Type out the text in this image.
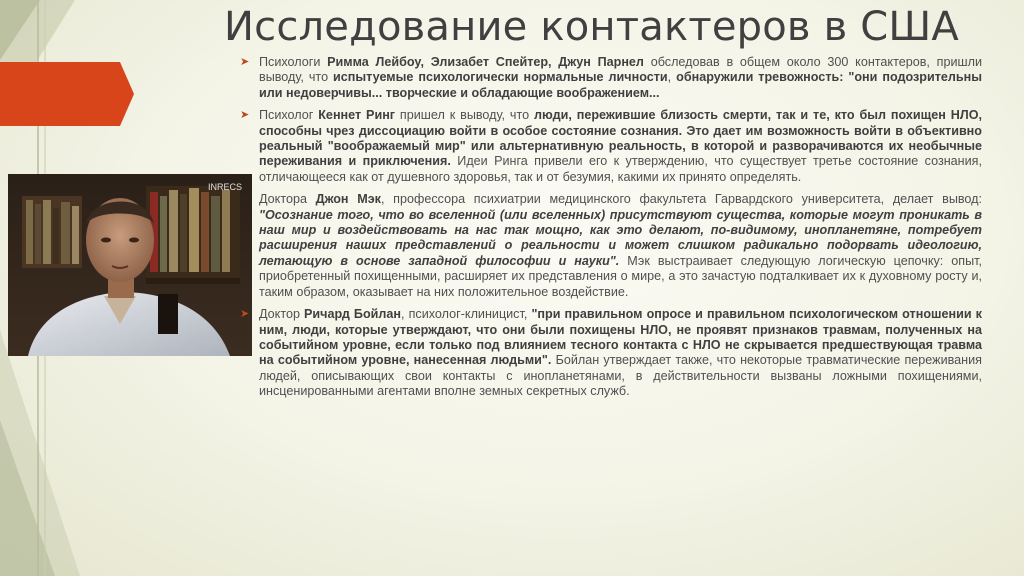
Исследование контактеров в США
INRECS
➤ Психологи Римма Лейбоу, Элизабет Спейтер, Джун Парнел обследовав в общем около 300 контактеров, пришли выводу, что испытуемые психологически нормальные личности, обнаружили тревожность: "они подозрительны или недоверчивы... творческие и обладающие воображением...
➤ Психолог Кеннет Ринг пришел к выводу, что люди, пережившие близость смерти, так и те, кто был похищен НЛО, способны чрез диссоциацию войти в особое состояние сознания. Это дает им возможность войти в объективно реальный "воображаемый мир" или альтернативную реальность, в которой и разворачиваются их необычные переживания и приключения. Идеи Ринга привели его к утверждению, что существует третье состояние сознания, отличающееся как от душевного здоровья, так и от безумия, какими их принято определять.
Доктора Джон Мэк, профессора психиатрии медицинского факультета Гарвардского университета, делает вывод: "Осознание того, что во вселенной (или вселенных) присутствуют существа, которые могут проникать в наш мир и воздействовать на нас так мощно, как это делают, по-видимому, инопланетяне, потребует расширения наших представлений о реальности и может слишком радикально подорвать идеологию, летающую в основе западной философии и науки". Мэк выстраивает следующую логическую цепочку: опыт, приобретенный похищенными, расширяет их представления о мире, а это зачастую подталкивает их к духовному росту и, таким образом, оказывает на них положительное воздействие.
➤ Доктор Ричард Бойлан, психолог-клиницист, "при правильном опросе и правильном психологическом отношении к ним, люди, которые утверждают, что они были похищены НЛО, не проявят признаков травмам, полученных на событийном уровне, если только под влиянием тесного контакта с НЛО не скрывается предшествующая травма на событийном уровне, нанесенная людьми". Бойлан утверждает также, что некоторые травматические переживания людей, описывающих свои контакты с инопланетянами, в действительности вызваны ложными похищениями, инсценированными агентами вполне земных секретных служб.
